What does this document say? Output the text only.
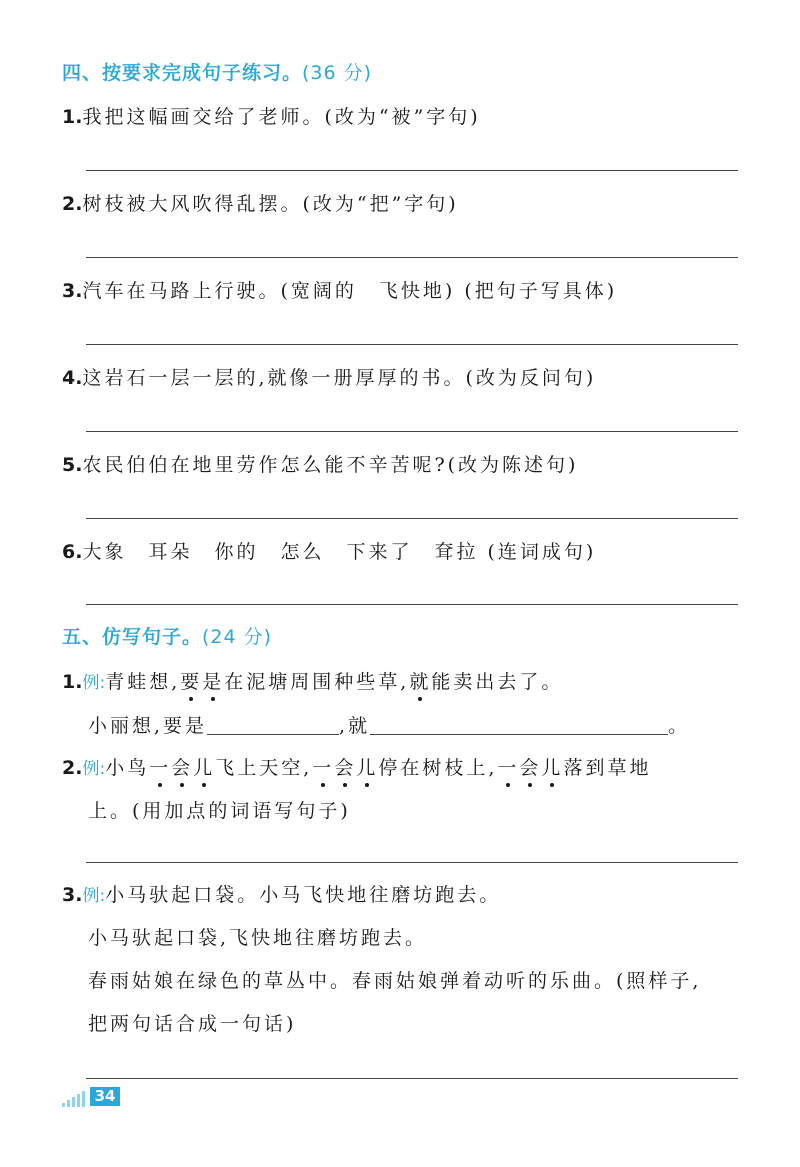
四、按要求完成句子练习。(36 分)
1.我把这幅画交给了老师。(改为“被”字句)
2.树枝被大风吹得乱摆。(改为“把”字句)
3.汽车在马路上行驶。(宽阔的　飞快地) (把句子写具体)
4.这岩石一层一层的,就像一册厚厚的书。(改为反问句)
5.农民伯伯在地里劳作怎么能不辛苦呢?(改为陈述句)
6.大象　耳朵　你的　怎么　下来了　耷拉 (连词成句)
五、仿写句子。(24 分)
1.例:青蛙想,要是在泥塘周围种些草,就能卖出去了。
小丽想,要是	,就	。
2.例:小鸟一会儿飞上天空,一会儿停在树枝上,一会儿落到草地
上。(用加点的词语写句子)
3.例:小马驮起口袋。小马飞快地往磨坊跑去。
小马驮起口袋,飞快地往磨坊跑去。
春雨姑娘在绿色的草丛中。春雨姑娘弹着动听的乐曲。(照样子,
把两句话合成一句话)
34
